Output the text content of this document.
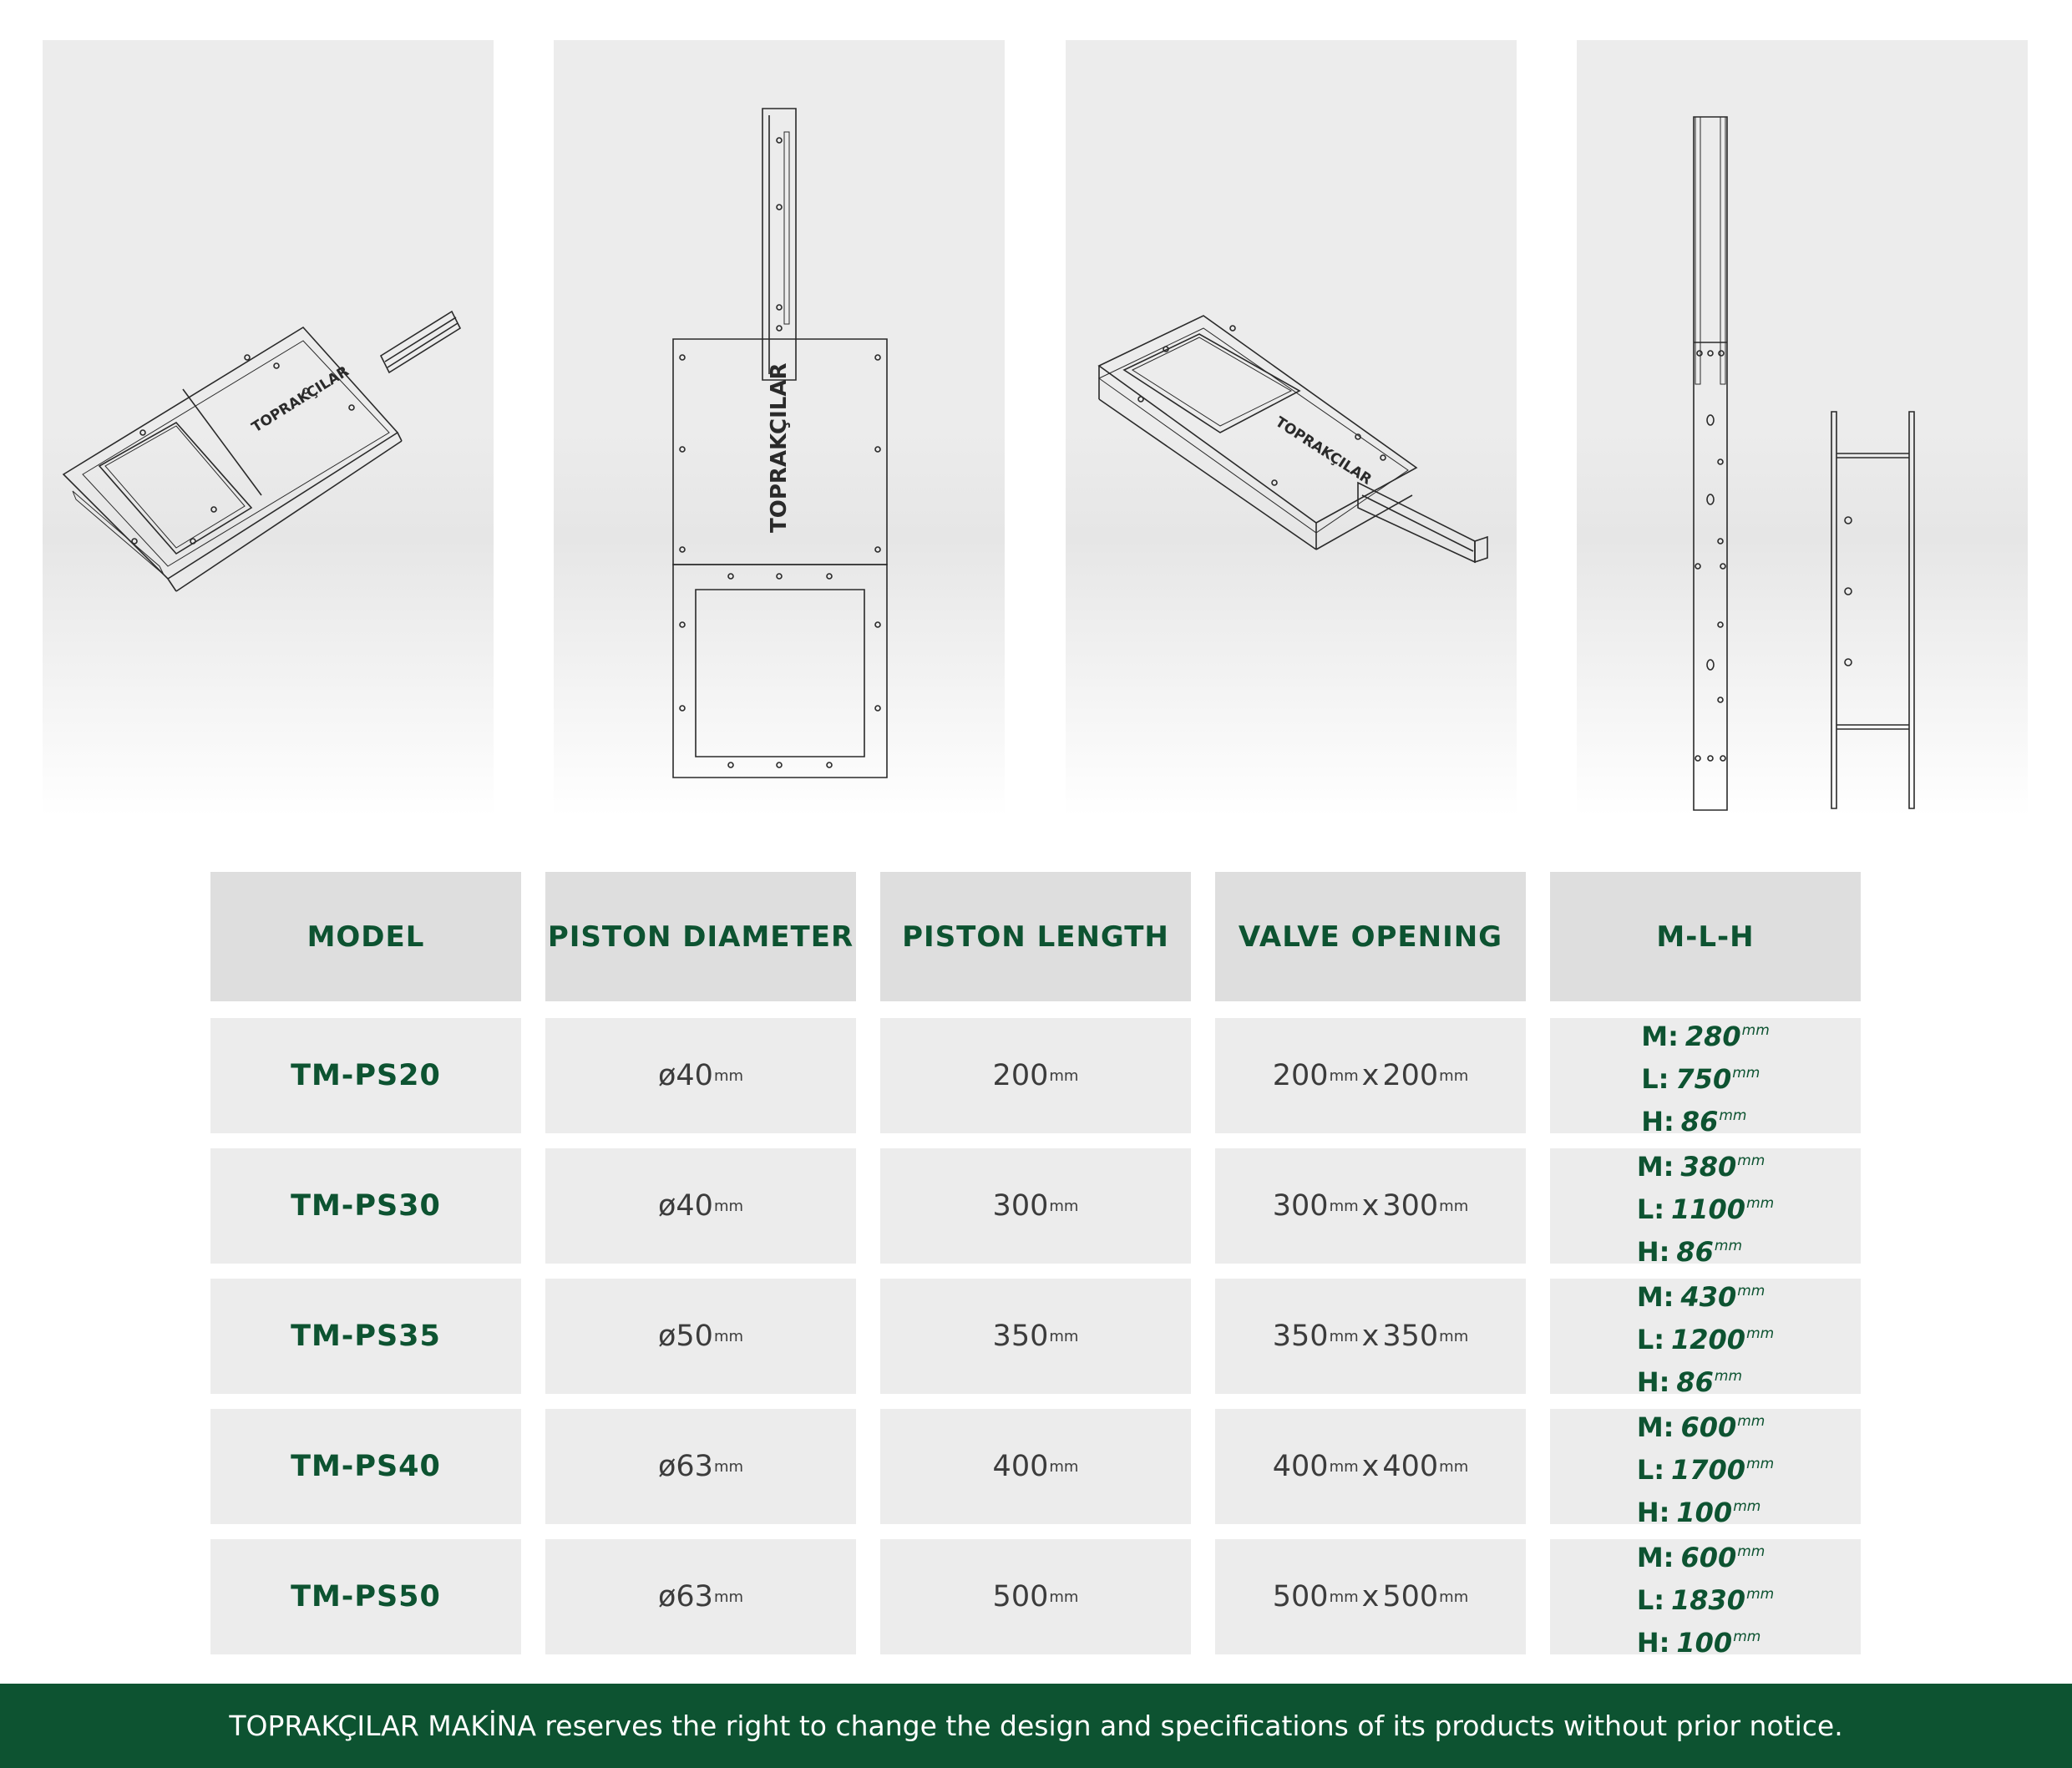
TOPRAKÇILAR	TOPRAKÇILAR	TOPRAKÇILAR
MODEL	PISTON DIAMETER	PISTON LENGTH	VALVE OPENING	M-L-H
TM-PS20	ø40 mm	200 mm	200 mm x 200 mm
M: $280^{mm}$
L: $750^{mm}$
H: $86^{mm}$
TM-PS30	ø40 mm	300 mm	300 mm x 300 mm
M: $380^{mm}$
L: $1100^{mm}$
H: $86^{mm}$
TM-PS35	ø50 mm	350 mm	350 mm x 350 mm
M: $430^{mm}$
L: $1200^{mm}$
H: $86^{mm}$
TM-PS40	ø63 mm	400 mm	400 mm x 400 mm
M: $600^{mm}$
L: $1700^{mm}$
H: $100^{mm}$
TM-PS50	ø63 mm	500 mm	500 mm x 500 mm
M: $600^{mm}$
L: $1830^{mm}$
H: $100^{mm}$
TOPRAKÇILAR MAKİNA reserves the right to change the design and specifications of its products without prior notice.
